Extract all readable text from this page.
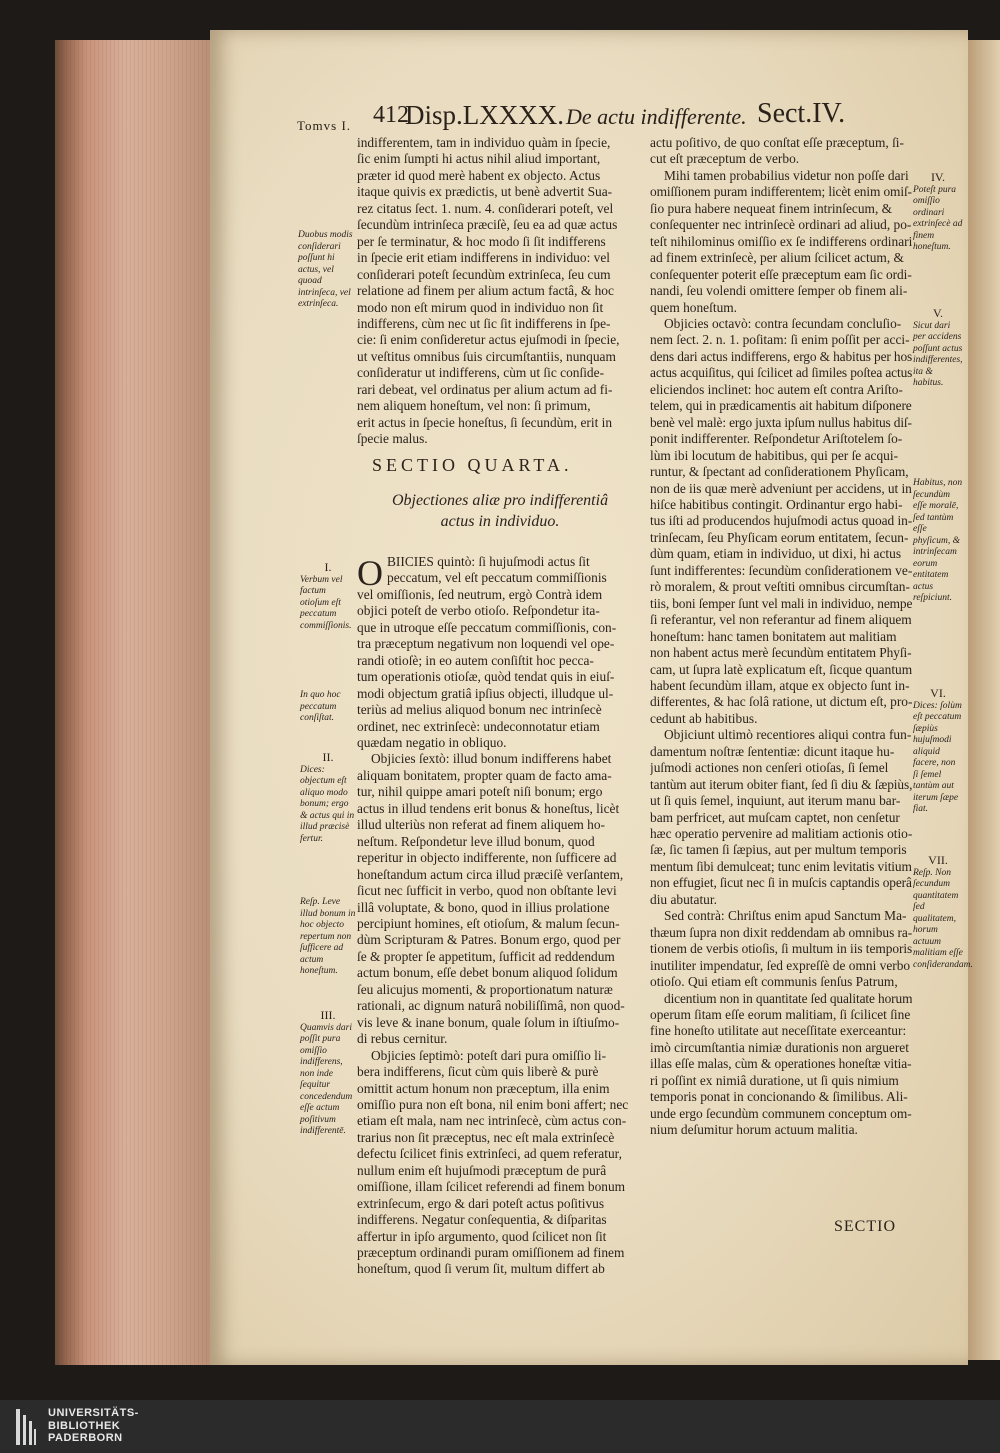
Tomvs I. 412
Disp.LXXXX. De actu indifferente. Sect.IV.
indifferentem, tam in individuo quàm in ſpecie,
ſic enim ſumpti hi actus nihil aliud important,
præter id quod merè habent ex objecto. Actus
itaque quivis ex prædictis, ut benè advertit Sua-
rez citatus ſect. 1. num. 4. conſiderari poteſt, vel
ſecundùm intrinſeca præciſè, ſeu ea ad quæ actus
per ſe terminatur, & hoc modo ſi ſit indifferens
in ſpecie erit etiam indifferens in individuo: vel
conſiderari poteſt ſecundùm extrinſeca, ſeu cum
relatione ad finem per alium actum factâ, & hoc
modo non eſt mirum quod in individuo non ſit
indifferens, cùm nec ut ſic ſit indifferens in ſpe-
cie: ſi enim conſideretur actus ejuſmodi in ſpecie,
ut veſtitus omnibus ſuis circumſtantiis, nunquam
conſideratur ut indifferens, cùm ut ſic conſide-
rari debeat, vel ordinatus per alium actum ad fi-
nem aliquem honeſtum, vel non: ſi primum,
erit actus in ſpecie honeſtus, ſi ſecundùm, erit in
ſpecie malus.
SECTIO QUARTA.
Objectiones aliæ pro indifferentiâ
actus in individuo.
O BIICIES quintò: ſi hujuſmodi actus ſit
peccatum, vel eſt peccatum commiſſionis
vel omiſſionis, ſed neutrum, ergò Contrà idem
objici poteſt de verbo otioſo. Reſpondetur ita-
que in utroque eſſe peccatum commiſſionis, con-
tra præceptum negativum non loquendi vel ope-
randi otioſè; in eo autem conſiſtit hoc pecca-
tum operationis otioſæ, quòd tendat quis in eiuſ-
modi objectum gratiâ ipſius objecti, illudque ul-
teriùs ad melius aliquod bonum nec intrinſecè
ordinet, nec extrinſecè: undeconnotatur etiam
quædam negatio in obliquo.
Objicies ſextò: illud bonum indifferens habet
aliquam bonitatem, propter quam de facto ama-
tur, nihil quippe amari poteſt niſi bonum; ergo
actus in illud tendens erit bonus & honeſtus, licèt
illud ulteriùs non referat ad finem aliquem ho-
neſtum. Reſpondetur leve illud bonum, quod
reperitur in objecto indifferente, non ſufficere ad
honeſtandum actum circa illud præciſè verſantem,
ſicut nec ſufficit in verbo, quod non obſtante levi
illâ voluptate, & bono, quod in illius prolatione
percipiunt homines, eſt otioſum, & malum ſecun-
dùm Scripturam & Patres. Bonum ergo, quod per
ſe & propter ſe appetitum, ſufficit ad reddendum
actum bonum, eſſe debet bonum aliquod ſolidum
ſeu alicujus momenti, & proportionatum naturæ
rationali, ac dignum naturâ nobiliſſimâ, non quod-
vis leve & inane bonum, quale ſolum in iſtiuſmo-
di rebus cernitur.
Objicies ſeptimò: poteſt dari pura omiſſio li-
bera indifferens, ſicut cùm quis liberè & purè
omittit actum honum non præceptum, illa enim
omiſſio pura non eſt bona, nil enim boni affert; nec
etiam eſt mala, nam nec intrinſecè, cùm actus con-
trarius non ſit præceptus, nec eſt mala extrinſecè
defectu ſcilicet finis extrinſeci, ad quem referatur,
nullum enim eſt hujuſmodi præceptum de purâ
omiſſione, illam ſcilicet referendi ad finem bonum
extrinſecum, ergo & dari poteſt actus poſitivus
indifferens. Negatur conſequentia, & diſparitas
affertur in ipſo argumento, quod ſcilicet non ſit
præceptum ordinandi puram omiſſionem ad finem
honeſtum, quod ſi verum ſit, multum differt ab
actu poſitivo, de quo conſtat eſſe præceptum, ſi-
cut eſt præceptum de verbo.
Mihi tamen probabilius videtur non poſſe dari
omiſſionem puram indifferentem; licèt enim omiſ-
ſio pura habere nequeat finem intrinſecum, &
conſequenter nec intrinſecè ordinari ad aliud, po-
teſt nihilominus omiſſio ex ſe indifferens ordinari
ad finem extrinſecè, per alium ſcilicet actum, &
conſequenter poterit eſſe præceptum eam ſic ordi-
nandi, ſeu volendi omittere ſemper ob finem ali-
quem honeſtum.
Objicies octavò: contra ſecundam concluſio-
nem ſect. 2. n. 1. poſitam: ſi enim poſſit per acci-
dens dari actus indifferens, ergo & habitus per hos
actus acquiſitus, qui ſcilicet ad ſimiles poſtea actus
eliciendos inclinet: hoc autem eſt contra Ariſto-
telem, qui in prædicamentis ait habitum diſponere
benè vel malè: ergo juxta ipſum nullus habitus diſ-
ponit indifferenter. Reſpondetur Ariſtotelem ſo-
lùm ibi locutum de habitibus, qui per ſe acqui-
runtur, & ſpectant ad conſiderationem Phyſicam,
non de iis quæ merè adveniunt per accidens, ut in
hiſce habitibus contingit. Ordinantur ergo habi-
tus iſti ad producendos hujuſmodi actus quoad in-
trinſecam, ſeu Phyſicam eorum entitatem, ſecun-
dùm quam, etiam in individuo, ut dixi, hi actus
ſunt indifferentes: ſecundùm conſiderationem ve-
rò moralem, & prout veſtiti omnibus circumſtan-
tiis, boni ſemper ſunt vel mali in individuo, nempe
ſi referantur, vel non referantur ad finem aliquem
honeſtum: hanc tamen bonitatem aut malitiam
non habent actus merè ſecundùm entitatem Phyſi-
cam, ut ſupra latè explicatum eſt, ſicque quantum
habent ſecundùm illam, atque ex objecto ſunt in-
differentes, & hac ſolâ ratione, ut dictum eſt, pro-
cedunt ab habitibus.
Objiciunt ultimò recentiores aliqui contra fun-
damentum noſtræ ſententiæ: dicunt itaque hu-
juſmodi actiones non cenſeri otioſas, ſi ſemel
tantùm aut iterum obiter fiant, ſed ſi diu & ſæpiùs,
ut ſi quis ſemel, inquiunt, aut iterum manu bar-
bam perfricet, aut muſcam captet, non cenſetur
hæc operatio pervenire ad malitiam actionis otio-
ſæ, ſic tamen ſi ſæpius, aut per multum temporis
mentum ſibi demulceat; tunc enim levitatis vitium
non effugiet, ſicut nec ſi in muſcis captandis operâ
diu abutatur.
Sed contrà: Chriſtus enim apud Sanctum Ma-
thæum ſupra non dixit reddendam ab omnibus ra-
tionem de verbis otioſis, ſi multum in iis temporis
inutiliter impendatur, ſed expreſſè de omni verbo
otioſo. Qui etiam eſt communis ſenſus Patrum,
dicentium non in quantitate ſed qualitate horum
operum ſitam eſſe eorum malitiam, ſi ſcilicet ſine
fine honeſto utilitate aut neceſſitate exerceantur:
imò circumſtantia nimiæ durationis non argueret
illas eſſe malas, cùm & operationes honeſtæ vitia-
ri poſſint ex nimiâ duratione, ut ſi quis nimium
temporis ponat in concionando & ſimilibus. Ali-
unde ergo ſecundùm communem conceptum om-
nium deſumitur horum actuum malitia.
Duobus modis conſiderari poſſunt hi actus, vel quoad intrinſeca, vel extrinſeca.
I.
Verbum vel factum otioſum eſt peccatum commiſſionis.
In quo hoc peccatum conſiſtat.
II.
Dices: objectum eſt aliquo modo bonum; ergo & actus qui in illud præcisè fertur.
Reſp. Leve illud bonum in hoc objecto repertum non ſufficere ad actum honeſtum.
III.
Quamvis dari poſſit pura omiſſio indifferens, non inde ſequitur concedendum eſſe actum poſitivum indifferentē.
IV.
Poteſt pura omiſſio ordinari extrinſecè ad finem honeſtum.
V.
Sicut dari per accidens poſſunt actus indifferentes, ita & habitus.
Habitus, non ſecundùm eſſe moralē, ſed tantùm eſſe phyſicum, & intrinſecam eorum entitatem actus reſpiciunt.
VI.
Dices: ſolùm eſt peccatum ſæpiùs hujuſmodi aliquid facere, non ſi ſemel tantùm aut iterum ſæpe fiat.
VII.
Reſp. Non ſecundum quantitatem ſed qualitatem, horum actuum malitiam eſſe conſiderandam.
SECTIO
UNIVERSITÄTS-
BIBLIOTHEK
PADERBORN
